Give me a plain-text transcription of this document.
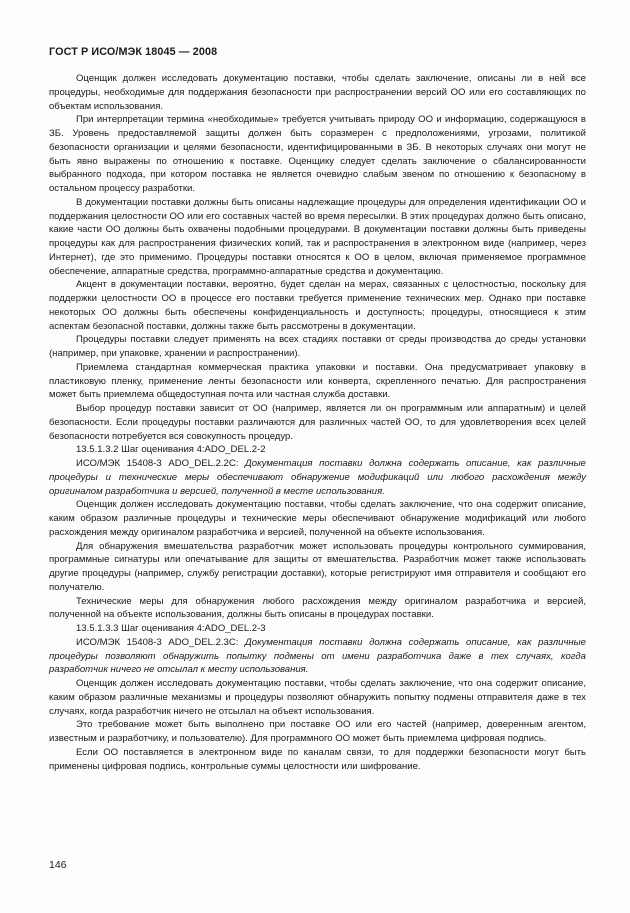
ГОСТ Р ИСО/МЭК 18045 — 2008

Оценщик должен исследовать документацию поставки, чтобы сделать заключение, описаны ли в ней все процедуры, необходимые для поддержания безопасности при распространении версий ОО или его составляющих по объектам использования.

При интерпретации термина «необходимые» требуется учитывать природу ОО и информацию, содержащуюся в ЗБ. Уровень предоставляемой защиты должен быть соразмерен с предположениями, угрозами, политикой безопасности организации и целями безопасности, идентифицированными в ЗБ. В некоторых случаях они могут не быть явно выражены по отношению к поставке. Оценщику следует сделать заключение о сбалансированности выбранного подхода, при котором поставка не является очевидно слабым звеном по отношению к безопасному в остальном процессу разработки.

В документации поставки должны быть описаны надлежащие процедуры для определения идентификации ОО и поддержания целостности ОО или его составных частей во время пересылки. В этих процедурах должно быть описано, какие части ОО должны быть охвачены подобными процедурами. В документации поставки должны быть приведены процедуры как для распространения физических копий, так и распространения в электронном виде (например, через Интернет), где это применимо. Процедуры поставки относятся к ОО в целом, включая применяемое программное обеспечение, аппаратные средства, программно-аппаратные средства и документацию.

Акцент в документации поставки, вероятно, будет сделан на мерах, связанных с целостностью, поскольку для поддержки целостности ОО в процессе его поставки требуется применение технических мер. Однако при поставке некоторых ОО должны быть обеспечены конфиденциальность и доступность; процедуры, относящиеся к этим аспектам безопасной поставки, должны также быть рассмотрены в документации.

Процедуры поставки следует применять на всех стадиях поставки от среды производства до среды установки (например, при упаковке, хранении и распространении).

Приемлема стандартная коммерческая практика упаковки и поставки. Она предусматривает упаковку в пластиковую пленку, применение ленты безопасности или конверта, скрепленного печатью. Для распространения может быть приемлема общедоступная почта или частная служба доставки.

Выбор процедур поставки зависит от ОО (например, является ли он программным или аппаратным) и целей безопасности. Если процедуры поставки различаются для различных частей ОО, то для удовлетворения всех целей безопасности потребуется вся совокупность процедур.

13.5.1.3.2 Шаг оценивания 4:ADO_DEL.2-2

ИСО/МЭК 15408-3 ADO_DEL.2.2С: Документация поставки должна содержать описание, как различные процедуры и технические меры обеспечивают обнаружение модификаций или любого расхождения между оригиналом разработчика и версией, полученной в месте использования.

Оценщик должен исследовать документацию поставки, чтобы сделать заключение, что она содержит описание, каким образом различные процедуры и технические меры обеспечивают обнаружение модификаций или любого расхождения между оригиналом разработчика и версией, полученной на объекте использования.

Для обнаружения вмешательства разработчик может использовать процедуры контрольного суммирования, программные сигнатуры или опечатывание для защиты от вмешательства. Разработчик может также использовать другие процедуры (например, службу регистрации доставки), которые регистрируют имя отправителя и сообщают его получателю.

Технические меры для обнаружения любого расхождения между оригиналом разработчика и версией, полученной на объекте использования, должны быть описаны в процедурах поставки.

13.5.1.3.3 Шаг оценивания 4:ADO_DEL.2-3

ИСО/МЭК 15408-3 ADO_DEL.2.3С: Документация поставки должна содержать описание, как различные процедуры позволяют обнаружить попытку подмены от имени разработчика даже в тех случаях, когда разработчик ничего не отсылал к месту использования.

Оценщик должен исследовать документацию поставки, чтобы сделать заключение, что она содержит описание, каким образом различные механизмы и процедуры позволяют обнаружить попытку подмены отправителя даже в тех случаях, когда разработчик ничего не отсылал на объект использования.

Это требование может быть выполнено при поставке ОО или его частей (например, доверенным агентом, известным и разработчику, и пользователю). Для программного ОО может быть приемлема цифровая подпись.

Если ОО поставляется в электронном виде по каналам связи, то для поддержки безопасности могут быть применены цифровая подпись, контрольные суммы целостности или шифрование.

146
